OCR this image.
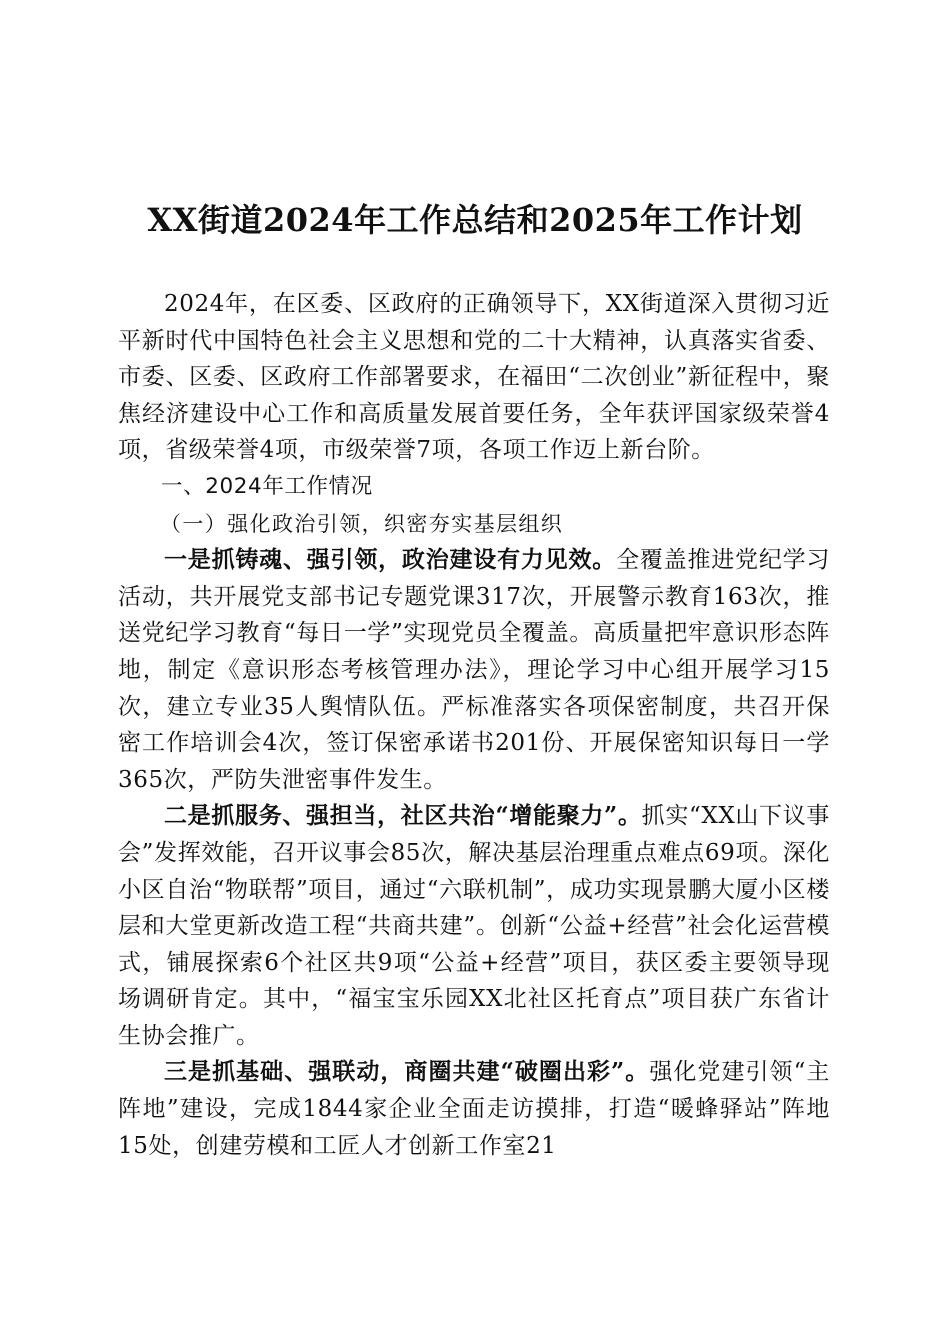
XX街道2024年工作总结和2025年工作计划

2024年，在区委、区政府的正确领导下，XX街道深入贯彻习近平新时代中国特色社会主义思想和党的二十大精神，认真落实省委、市委、区委、区政府工作部署要求，在福田“二次创业”新征程中，聚焦经济建设中心工作和高质量发展首要任务，全年获评国家级荣誉4项，省级荣誉4项，市级荣誉7项，各项工作迈上新台阶。

一、2024年工作情况

（一）强化政治引领，织密夯实基层组织

一是抓铸魂、强引领，政治建设有力见效。全覆盖推进党纪学习活动，共开展党支部书记专题党课317次，开展警示教育163次，推送党纪学习教育“每日一学”实现党员全覆盖。高质量把牢意识形态阵地，制定《意识形态考核管理办法》，理论学习中心组开展学习15次，建立专业35人舆情队伍。严标准落实各项保密制度，共召开保密工作培训会4次，签订保密承诺书201份、开展保密知识每日一学365次，严防失泄密事件发生。

二是抓服务、强担当，社区共治“增能聚力”。抓实“XX山下议事会”发挥效能，召开议事会85次，解决基层治理重点难点69项。深化小区自治“物联帮”项目，通过“六联机制”，成功实现景鹏大厦小区楼层和大堂更新改造工程“共商共建”。创新“公益+经营”社会化运营模式，铺展探索6个社区共9项“公益+经营”项目，获区委主要领导现场调研肯定。其中，“福宝宝乐园XX北社区托育点”项目获广东省计生协会推广。

三是抓基础、强联动，商圈共建“破圈出彩”。强化党建引领“主阵地”建设，完成1844家企业全面走访摸排，打造“暖蜂驿站”阵地15处，创建劳模和工匠人才创新工作室21
